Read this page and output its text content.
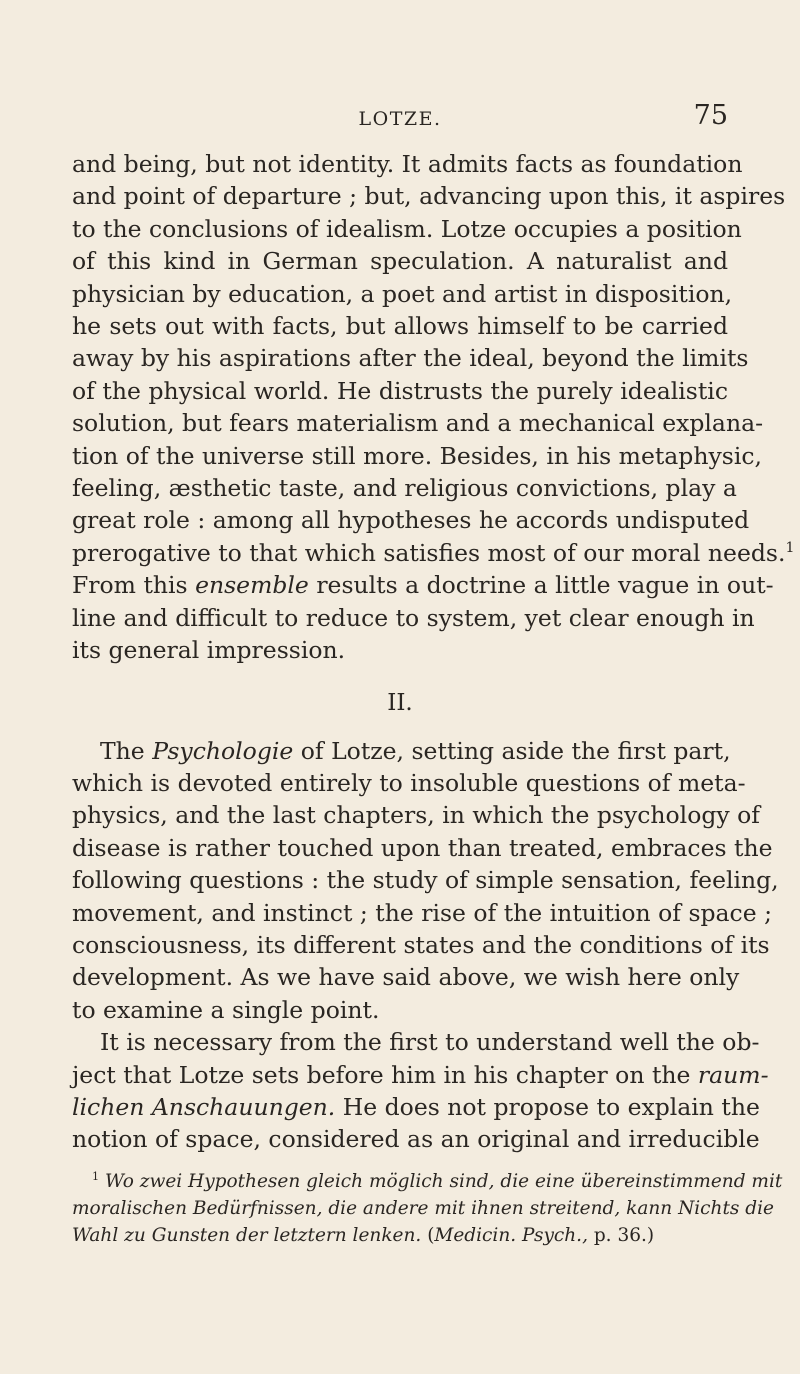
LOTZE.	75
and being, but not identity. It admits facts as foundation
and point of departure ; but, advancing upon this, it aspires
to the conclusions of idealism. Lotze occupies a position
of this kind in German speculation. A naturalist and
physician by education, a poet and artist in disposition,
he sets out with facts, but allows himself to be carried
away by his aspirations after the ideal, beyond the limits
of the physical world. He distrusts the purely idealistic
solution, but fears materialism and a mechanical explana-
tion of the universe still more. Besides, in his metaphysic,
feeling, æsthetic taste, and religious convictions, play a
great role : among all hypotheses he accords undisputed
prerogative to that which satisfies most of our moral needs.$^1$
From this ensemble results a doctrine a little vague in out-
line and difficult to reduce to system, yet clear enough in
its general impression.
II.
The Psychologie of Lotze, setting aside the first part,
which is devoted entirely to insoluble questions of meta-
physics, and the last chapters, in which the psychology of
disease is rather touched upon than treated, embraces the
following questions : the study of simple sensation, feeling,
movement, and instinct ; the rise of the intuition of space ;
consciousness, its different states and the conditions of its
development. As we have said above, we wish here only
to examine a single point.
It is necessary from the first to understand well the ob-
ject that Lotze sets before him in his chapter on the raum-
lichen Anschauungen. He does not propose to explain the
notion of space, considered as an original and irreducible
$^1$ Wo zwei Hypothesen gleich möglich sind, die eine übereinstimmend mit
moralischen Bedürfnissen, die andere mit ihnen streitend, kann Nichts die
Wahl zu Gunsten der letztern lenken. (Medicin. Psych., p. 36.)
